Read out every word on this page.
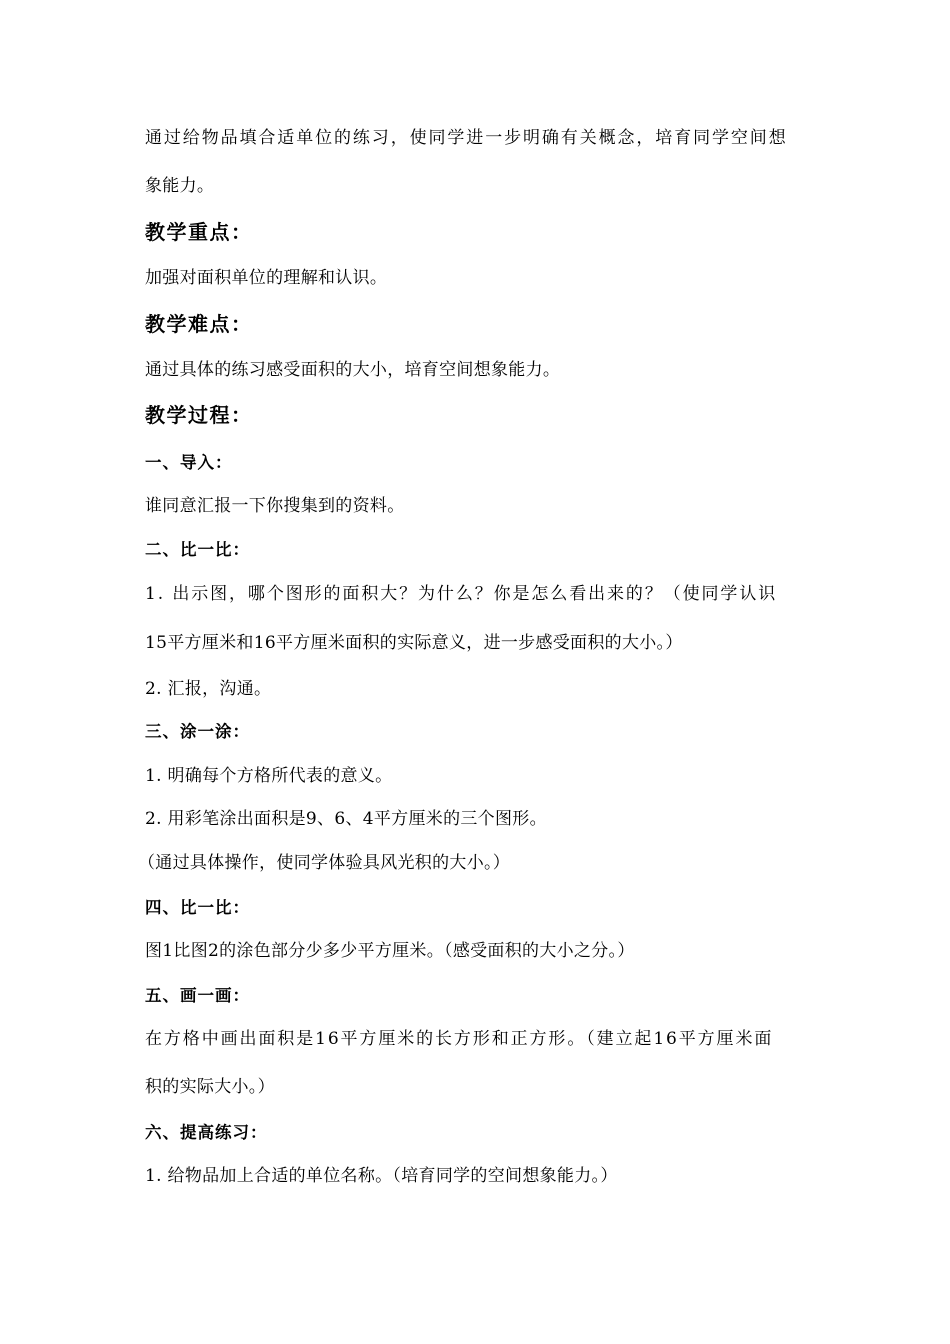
通过给物品填合适单位的练习，使同学进一步明确有关概念，培育同学空间想
象能力。
教学重点：
加强对面积单位的理解和认识。
教学难点：
通过具体的练习感受面积的大小，培育空间想象能力。
教学过程：
一、导入：
谁同意汇报一下你搜集到的资料。
二、比一比：
1. 出示图，哪个图形的面积大？为什么？你是怎么看出来的？（使同学认识
15平方厘米和16平方厘米面积的实际意义，进一步感受面积的大小。）
2. 汇报，沟通。
三、涂一涂：
1. 明确每个方格所代表的意义。
2. 用彩笔涂出面积是9、6、4平方厘米的三个图形。
（通过具体操作，使同学体验具风光积的大小。）
四、比一比：
图1比图2的涂色部分少多少平方厘米。（感受面积的大小之分。）
五、画一画：
在方格中画出面积是16平方厘米的长方形和正方形。（建立起16平方厘米面
积的实际大小。）
六、提高练习：
1. 给物品加上合适的单位名称。（培育同学的空间想象能力。）
